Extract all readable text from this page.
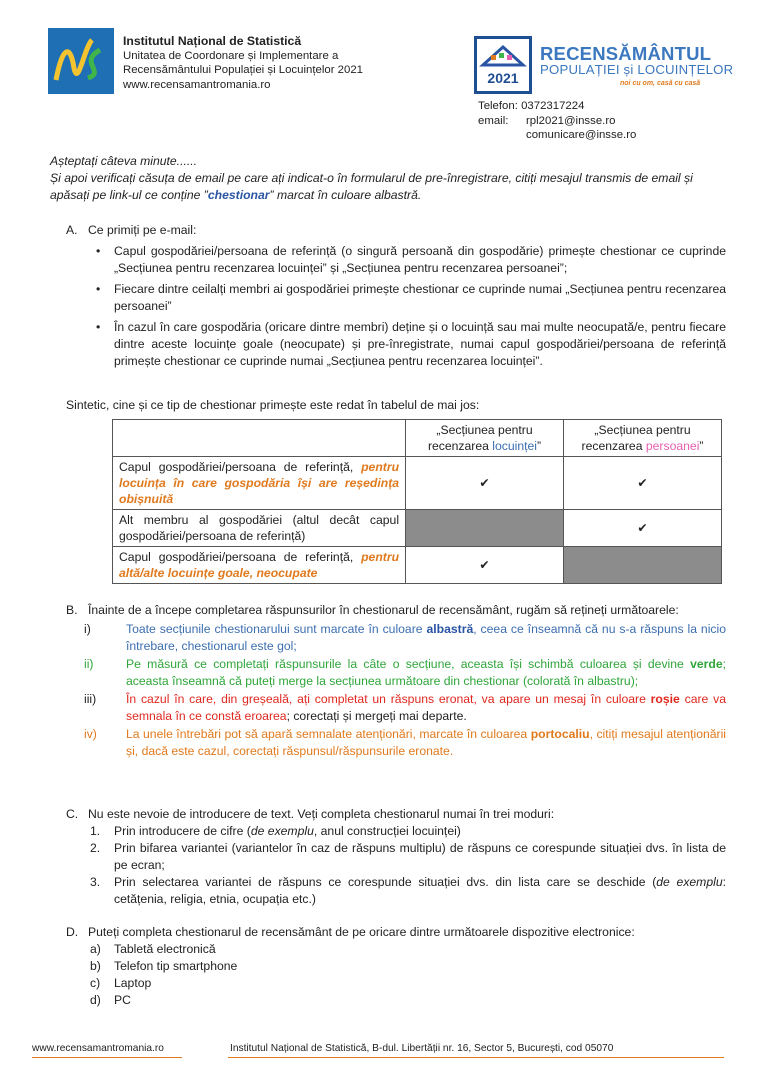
Institutul Național de Statistică
Unitatea de Coordonare și Implementare a
Recensământului Populației și Locuințelor 2021
www.recensamantromania.ro	2021
RECENSĂMÂNTUL
POPULAȚIEI și LOCUINȚELOR
noi cu om, casă cu casă
Telefon: 0372317224
email: rpl2021@insse.ro
comunicare@insse.ro
Așteptați câteva minute......
Și apoi verificați căsuța de email pe care ați indicat-o în formularul de pre-înregistrare, citiți mesajul transmis de email și apăsați pe link-ul ce conține ”chestionar” marcat în culoare albastră.
A. Ce primiți pe e-mail:
• Capul gospodăriei/persoana de referință (o singură persoană din gospodărie) primește chestionar ce cuprinde „Secțiunea pentru recenzarea locuinței” și „Secțiunea pentru recenzarea persoanei”;
• Fiecare dintre ceilalți membri ai gospodăriei primește chestionar ce cuprinde numai „Secțiunea pentru recenzarea persoanei”
• În cazul în care gospodăria (oricare dintre membri) deține și o locuință sau mai multe neocupată/e, pentru fiecare dintre aceste locuințe goale (neocupate) și pre-înregistrate, numai capul gospodăriei/persoana de referință primește chestionar ce cuprinde numai „Secțiunea pentru recenzarea locuinței”.
Sintetic, cine și ce tip de chestionar primește este redat în tabelul de mai jos:
	„Secțiunea pentru recenzarea locuinței”	„Secțiunea pentru recenzarea persoanei”
Capul gospodăriei/persoana de referință, pentru locuința în care gospodăria își are reședința obișnuită	✔	✔
Alt membru al gospodăriei (altul decât capul gospodăriei/persoana de referință)		✔
Capul gospodăriei/persoana de referință, pentru altă/alte locuințe goale, neocupate	✔	
B. Înainte de a începe completarea răspunsurilor în chestionarul de recensământ, rugăm să rețineți următoarele:
i)	Toate secțiunile chestionarului sunt marcate în culoare albastră, ceea ce înseamnă că nu s-a răspuns la nicio întrebare, chestionarul este gol;
ii)	Pe măsură ce completați răspunsurile la câte o secțiune, aceasta își schimbă culoarea și devine verde; aceasta înseamnă că puteți merge la secțiunea următoare din chestionar (colorată în albastru);
iii) În cazul în care, din greșeală, ați completat un răspuns eronat, va apare un mesaj în culoare roșie care va semnala în ce constă eroarea; corectați și mergeți mai departe.
iv) La unele întrebări pot să apară semnalate atenționări, marcate în culoarea portocaliu, citiți mesajul atenționării și, dacă este cazul, corectați răspunsul/răspunsurile eronate.
C. Nu este nevoie de introducere de text. Veți completa chestionarul numai în trei moduri:
1. Prin introducere de cifre (de exemplu, anul construcției locuinței)
2. Prin bifarea variantei (variantelor în caz de răspuns multiplu) de răspuns ce corespunde situației dvs. în lista de pe ecran;
3. Prin selectarea variantei de răspuns ce corespunde situației dvs. din lista care se deschide (de exemplu: cetățenia, religia, etnia, ocupația etc.)
D. Puteți completa chestionarul de recensământ de pe oricare dintre următoarele dispozitive electronice:
a) Tabletă electronică
b) Telefon tip smartphone
c) Laptop
d) PC
www.recensamantromania.ro	Institutul Național de Statistică, B-dul. Libertății nr. 16, Sector 5, București, cod 05070
